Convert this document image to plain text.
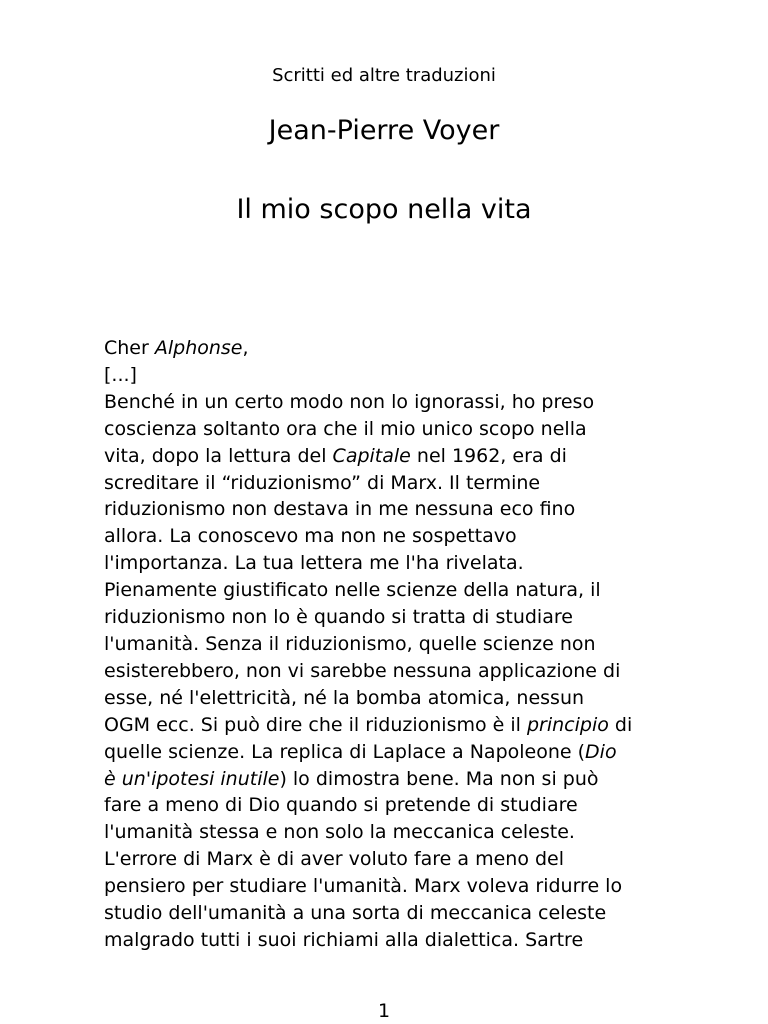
Scritti ed altre traduzioni
Jean-Pierre Voyer
Il mio scopo nella vita
Cher Alphonse,
[...]
Benché in un certo modo non lo ignorassi, ho preso
coscienza soltanto ora che il mio unico scopo nella
vita, dopo la lettura del Capitale nel 1962, era di
screditare il “riduzionismo” di Marx. Il termine
riduzionismo non destava in me nessuna eco fino
allora. La conoscevo ma non ne sospettavo
l'importanza. La tua lettera me l'ha rivelata.
Pienamente giustificato nelle scienze della natura, il
riduzionismo non lo è quando si tratta di studiare
l'umanità. Senza il riduzionismo, quelle scienze non
esisterebbero, non vi sarebbe nessuna applicazione di
esse, né l'elettricità, né la bomba atomica, nessun
OGM ecc. Si può dire che il riduzionismo è il principio di
quelle scienze. La replica di Laplace a Napoleone (Dio
è un'ipotesi inutile) lo dimostra bene. Ma non si può
fare a meno di Dio quando si pretende di studiare
l'umanità stessa e non solo la meccanica celeste.
L'errore di Marx è di aver voluto fare a meno del
pensiero per studiare l'umanità. Marx voleva ridurre lo
studio dell'umanità a una sorta di meccanica celeste
malgrado tutti i suoi richiami alla dialettica. Sartre
1
